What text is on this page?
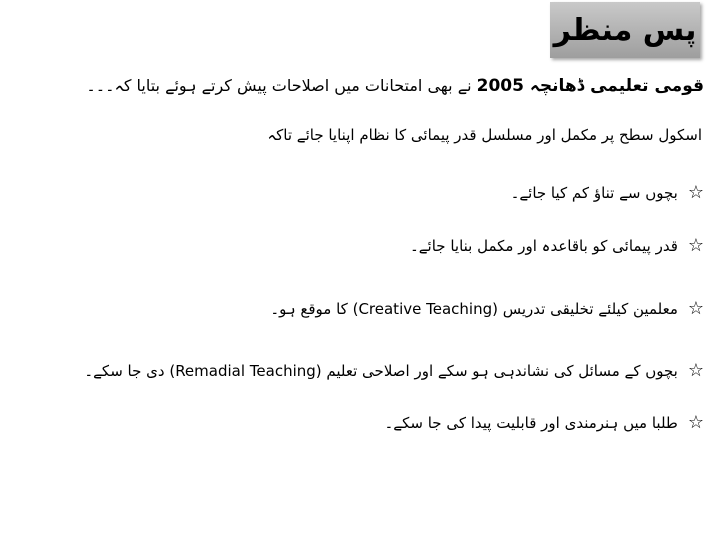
پس منظر
قومی تعلیمی ڈھانچہ 2005 نے بھی امتحانات میں اصلاحات پیش کرتے ہوئے بتایا کہ۔۔۔
اسکول سطح پر مکمل اور مسلسل قدر پیمائی کا نظام اپنایا جائے تاکہ
☆
بچوں سے تناؤ کم کیا جائے۔
☆
قدر پیمائی کو باقاعدہ اور مکمل بنایا جائے۔
☆
معلمین کیلئے تخلیقی تدریس (Creative Teaching) کا موقع ہو۔
☆
بچوں کے مسائل کی نشاندہی ہو سکے اور اصلاحی تعلیم (Remadial Teaching) دی جا سکے۔
☆
طلبا میں ہنرمندی اور قابلیت پیدا کی جا سکے۔
